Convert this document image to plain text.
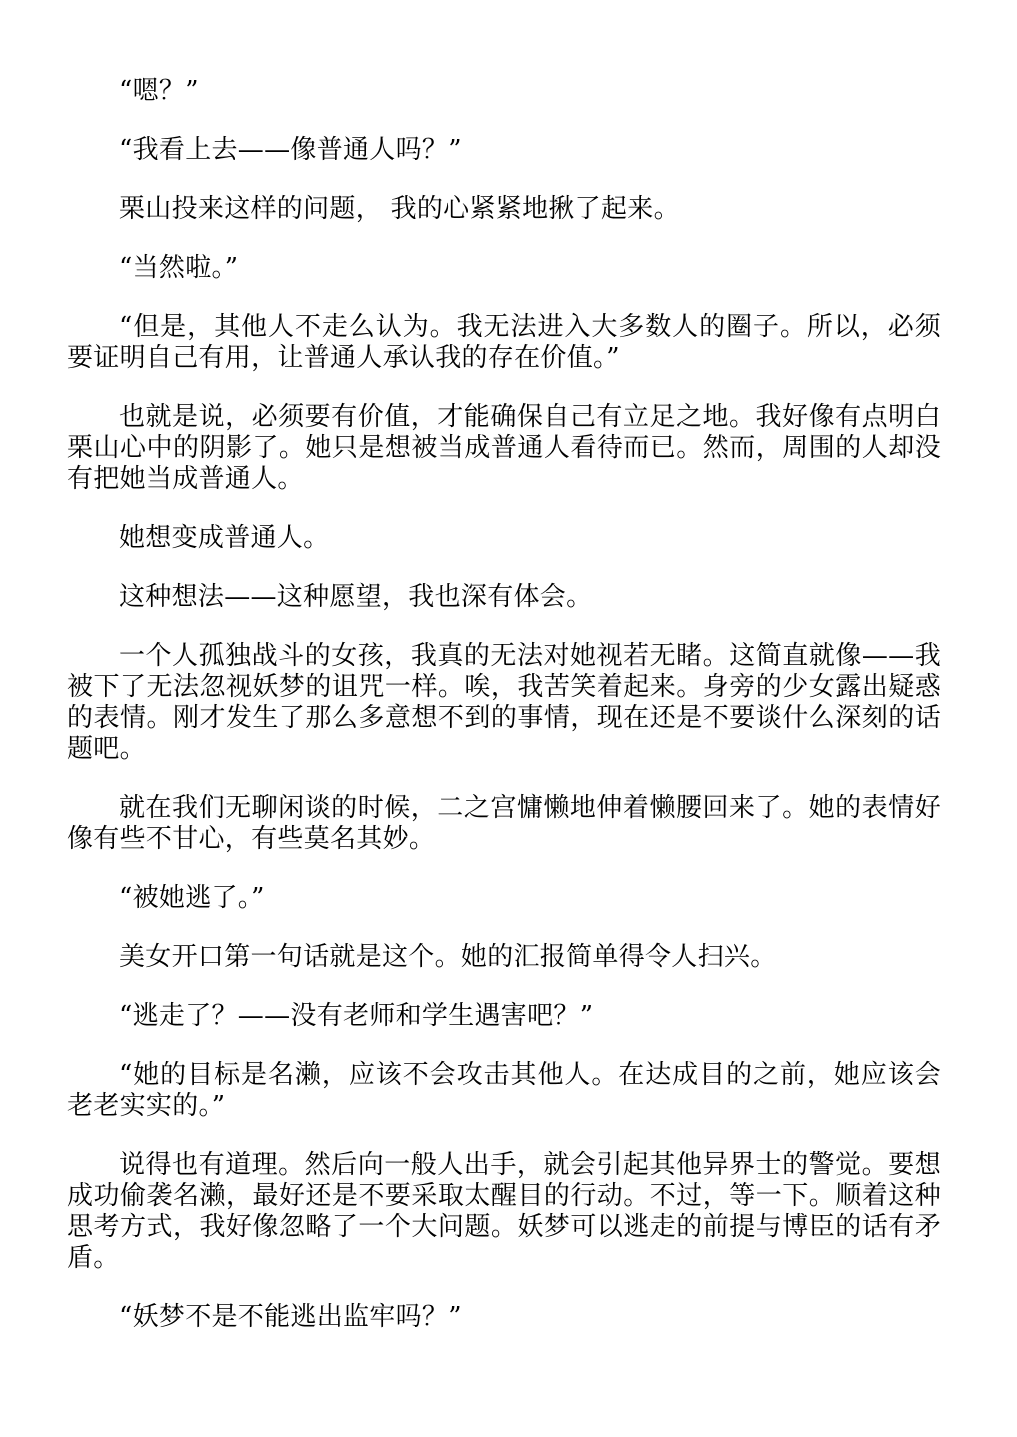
“嗯？”

“我看上去——像普通人吗？”

栗山投来这样的问题， 我的心紧紧地揪了起来。

“当然啦。”

“但是，其他人不走么认为。我无法进入大多数人的圈子。所以，必须要证明自己有用，让普通人承认我的存在价值。”

也就是说，必须要有价值，才能确保自己有立足之地。我好像有点明白栗山心中的阴影了。她只是想被当成普通人看待而已。然而，周围的人却没有把她当成普通人。

她想变成普通人。

这种想法——这种愿望，我也深有体会。

一个人孤独战斗的女孩，我真的无法对她视若无睹。这简直就像——我被下了无法忽视妖梦的诅咒一样。唉，我苦笑着起来。身旁的少女露出疑惑的表情。刚才发生了那么多意想不到的事情，现在还是不要谈什么深刻的话题吧。

就在我们无聊闲谈的时候，二之宫慵懒地伸着懒腰回来了。她的表情好像有些不甘心，有些莫名其妙。

“被她逃了。”

美女开口第一句话就是这个。她的汇报简单得令人扫兴。

“逃走了？——没有老师和学生遇害吧？”

“她的目标是名濑，应该不会攻击其他人。在达成目的之前，她应该会老老实实的。”

说得也有道理。然后向一般人出手，就会引起其他异界士的警觉。要想成功偷袭名濑，最好还是不要采取太醒目的行动。不过，等一下。顺着这种思考方式，我好像忽略了一个大问题。妖梦可以逃走的前提与博臣的话有矛盾。

“妖梦不是不能逃出监牢吗？”
